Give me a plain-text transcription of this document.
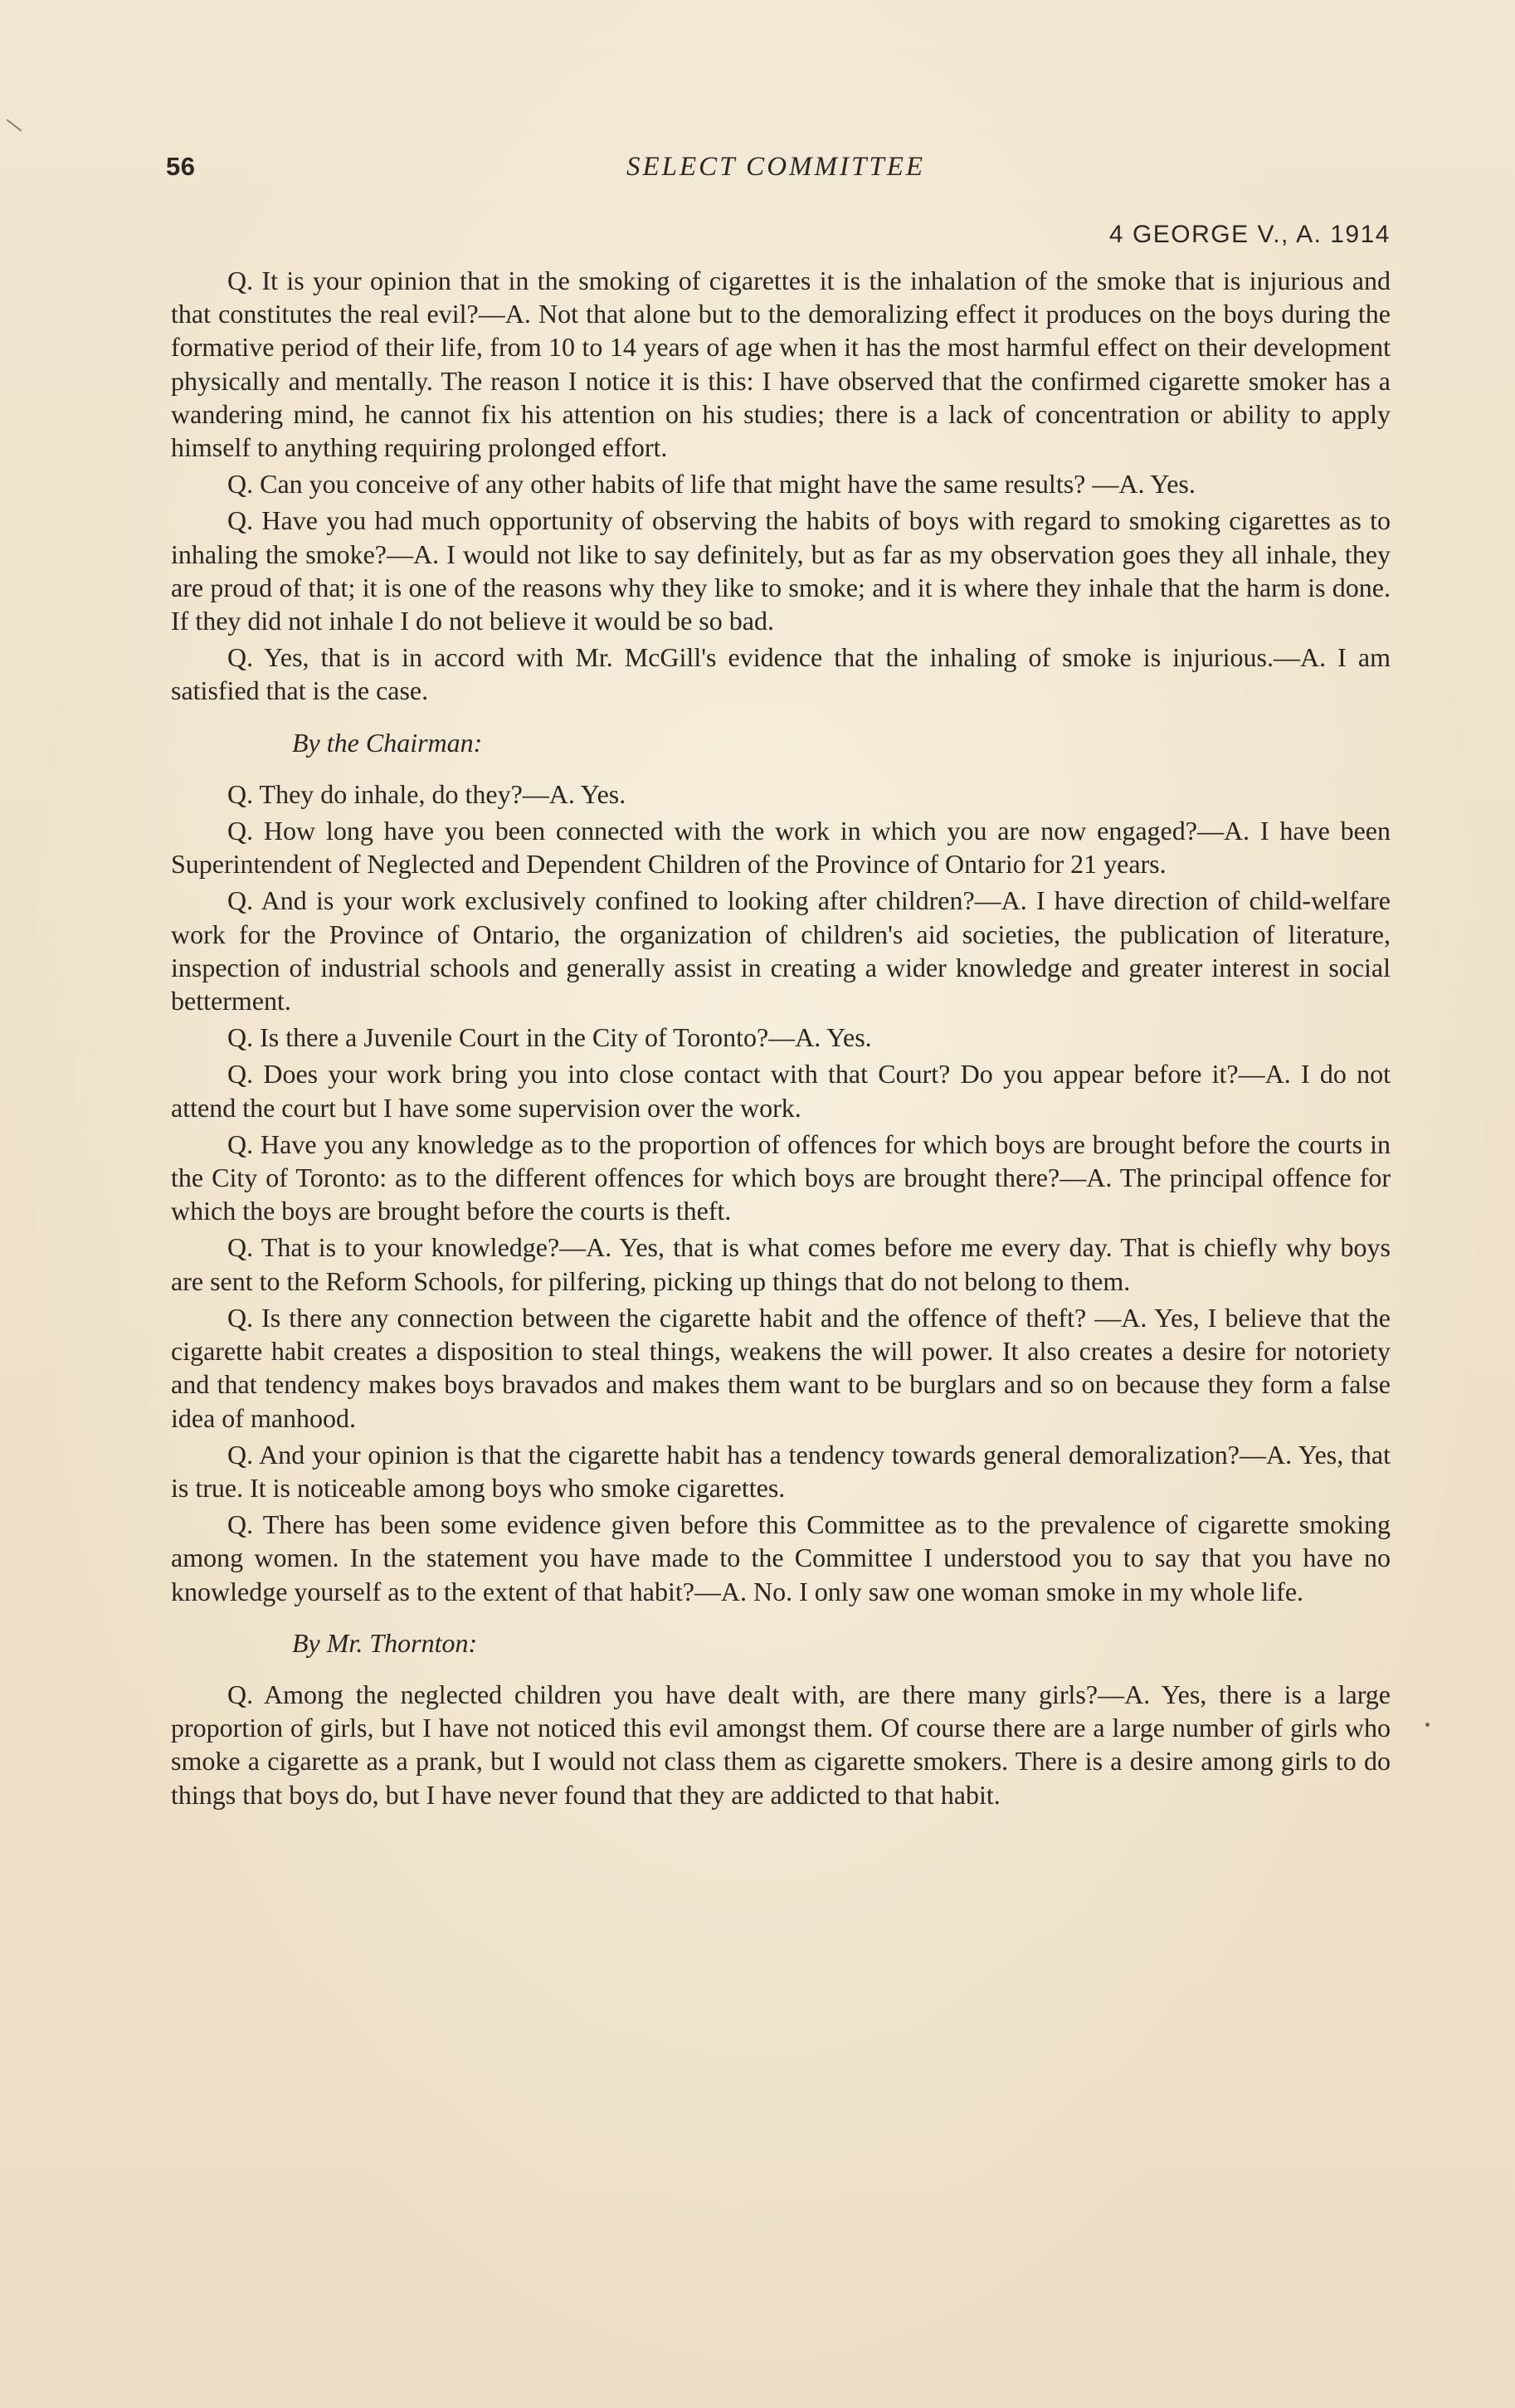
56	SELECT COMMITTEE
4 GEORGE V., A. 1914

Q. It is your opinion that in the smoking of cigarettes it is the inhalation of the smoke that is injurious and that constitutes the real evil?—A. Not that alone but to the demoralizing effect it produces on the boys during the formative period of their life, from 10 to 14 years of age when it has the most harmful effect on their development physically and mentally. The reason I notice it is this: I have observed that the confirmed cigarette smoker has a wandering mind, he cannot fix his attention on his studies; there is a lack of concentration or ability to apply himself to anything requiring prolonged effort.

Q. Can you conceive of any other habits of life that might have the same results? —A. Yes.

Q. Have you had much opportunity of observing the habits of boys with regard to smoking cigarettes as to inhaling the smoke?—A. I would not like to say definitely, but as far as my observation goes they all inhale, they are proud of that; it is one of the reasons why they like to smoke; and it is where they inhale that the harm is done. If they did not inhale I do not believe it would be so bad.

Q. Yes, that is in accord with Mr. McGill's evidence that the inhaling of smoke is injurious.—A. I am satisfied that is the case.

By the Chairman:

Q. They do inhale, do they?—A. Yes.

Q. How long have you been connected with the work in which you are now engaged?—A. I have been Superintendent of Neglected and Dependent Children of the Province of Ontario for 21 years.

Q. And is your work exclusively confined to looking after children?—A. I have direction of child-welfare work for the Province of Ontario, the organization of children's aid societies, the publication of literature, inspection of industrial schools and generally assist in creating a wider knowledge and greater interest in social betterment.

Q. Is there a Juvenile Court in the City of Toronto?—A. Yes.

Q. Does your work bring you into close contact with that Court? Do you appear before it?—A. I do not attend the court but I have some supervision over the work.

Q. Have you any knowledge as to the proportion of offences for which boys are brought before the courts in the City of Toronto: as to the different offences for which boys are brought there?—A. The principal offence for which the boys are brought before the courts is theft.

Q. That is to your knowledge?—A. Yes, that is what comes before me every day. That is chiefly why boys are sent to the Reform Schools, for pilfering, picking up things that do not belong to them.

Q. Is there any connection between the cigarette habit and the offence of theft? —A. Yes, I believe that the cigarette habit creates a disposition to steal things, weakens the will power. It also creates a desire for notoriety and that tendency makes boys bravados and makes them want to be burglars and so on because they form a false idea of manhood.

Q. And your opinion is that the cigarette habit has a tendency towards general demoralization?—A. Yes, that is true. It is noticeable among boys who smoke cigarettes.

Q. There has been some evidence given before this Committee as to the prevalence of cigarette smoking among women. In the statement you have made to the Committee I understood you to say that you have no knowledge yourself as to the extent of that habit?—A. No. I only saw one woman smoke in my whole life.

By Mr. Thornton:

Q. Among the neglected children you have dealt with, are there many girls?—A. Yes, there is a large proportion of girls, but I have not noticed this evil amongst them. Of course there are a large number of girls who smoke a cigarette as a prank, but I would not class them as cigarette smokers. There is a desire among girls to do things that boys do, but I have never found that they are addicted to that habit.
